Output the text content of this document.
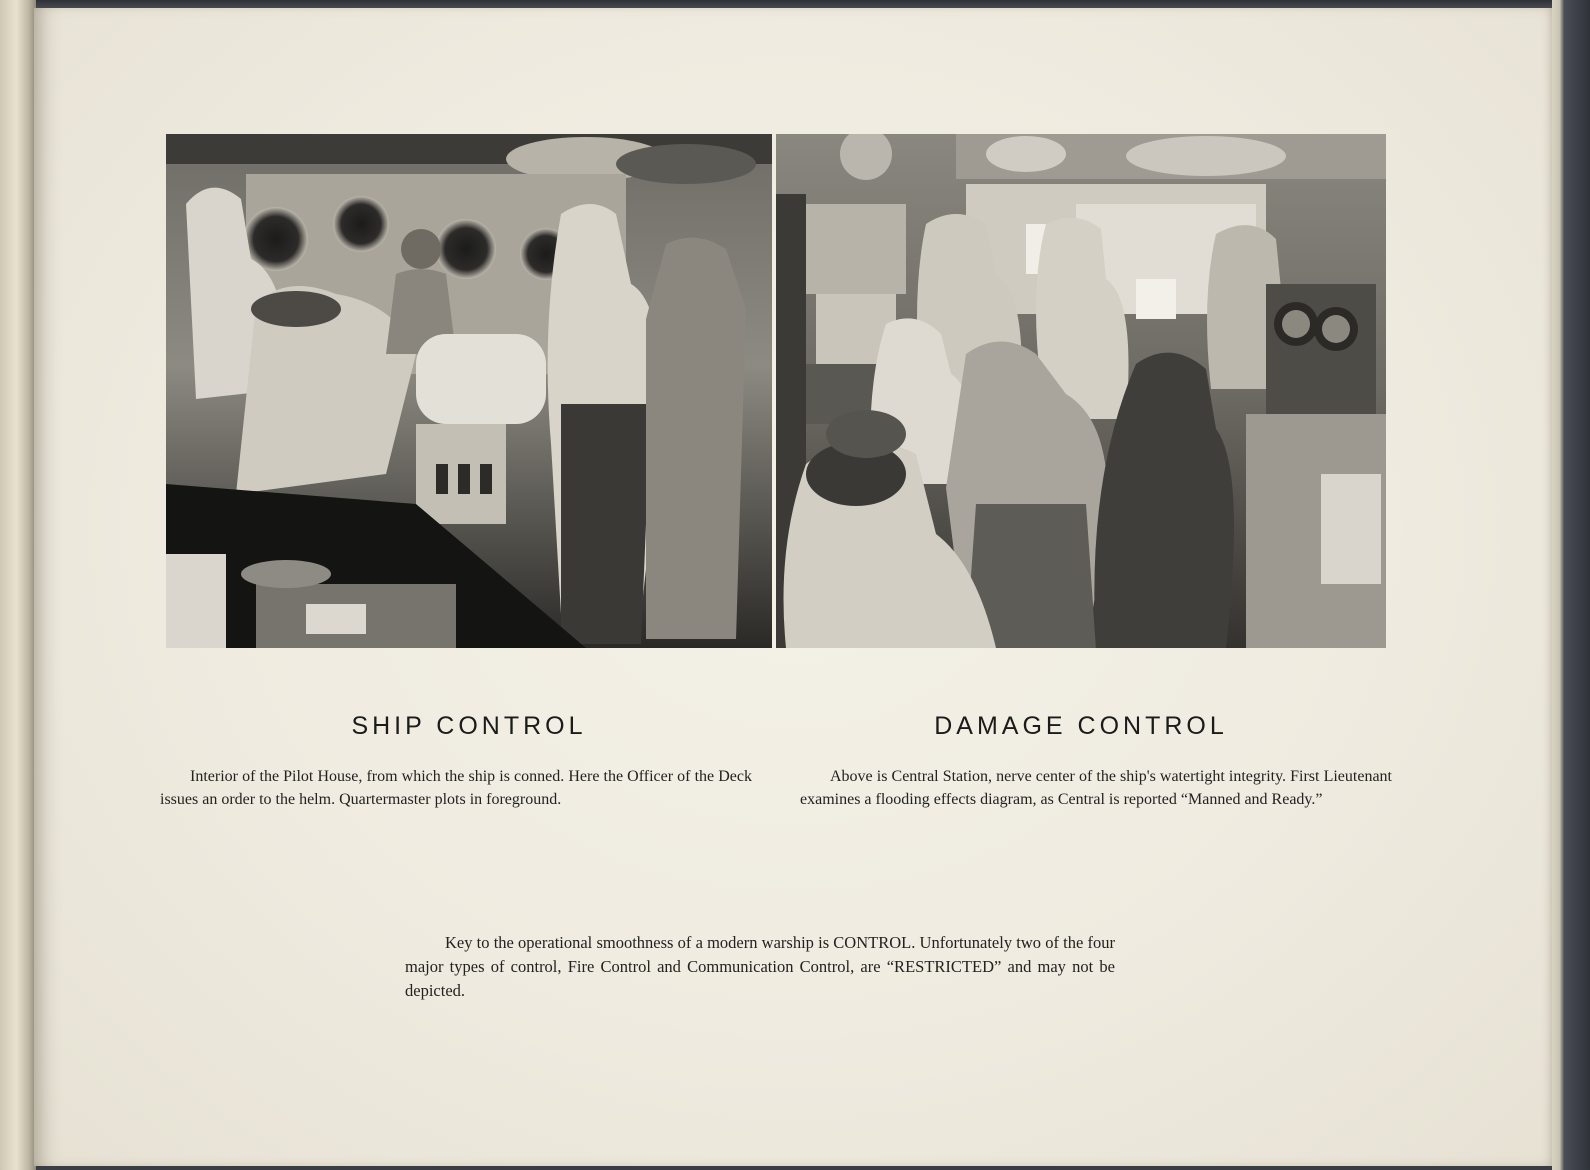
SHIP CONTROL	DAMAGE CONTROL

Interior of the Pilot House, from which the ship is conned. Here the Officer of the Deck issues an order to the helm. Quartermaster plots in foreground.

Above is Central Station, nerve center of the ship's watertight integrity. First Lieutenant examines a flooding effects diagram, as Central is reported “Manned and Ready.”

Key to the operational smoothness of a modern warship is CONTROL. Unfortunately two of the four major types of control, Fire Control and Communication Control, are “RESTRICTED” and may not be depicted.
